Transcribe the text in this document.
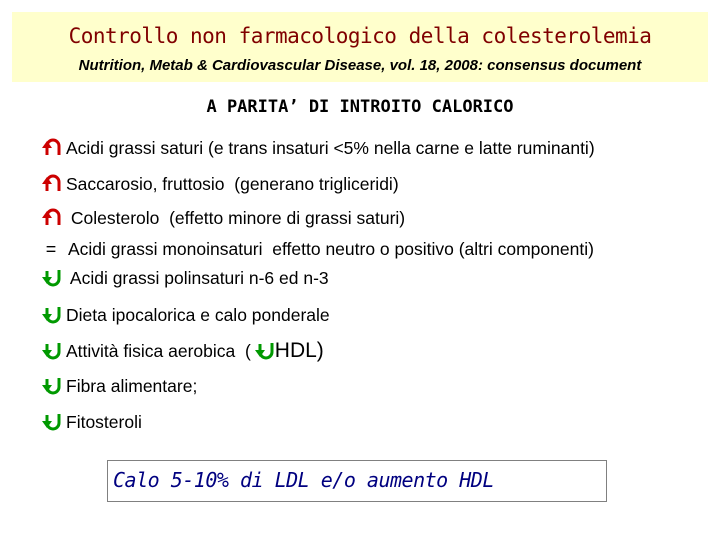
Controllo non farmacologico della colesterolemia
Nutrition, Metab & Cardiovascular Disease, vol. 18, 2008: consensus document
A PARITA’ DI INTROITO CALORICO
Acidi grassi saturi (e trans insaturi <5% nella carne e latte ruminanti)
Saccarosio, fruttosio  (generano trigliceridi)
Colesterolo  (effetto minore di grassi saturi)
= Acidi grassi monoinsaturi  effetto neutro o positivo (altri componenti)
Acidi grassi polinsaturi n-6 ed n-3
Dieta ipocalorica e calo ponderale
Attività fisica aerobica  ( HDL)
Fibra alimentare;
Fitosteroli
Calo 5-10% di LDL e/o aumento HDL
